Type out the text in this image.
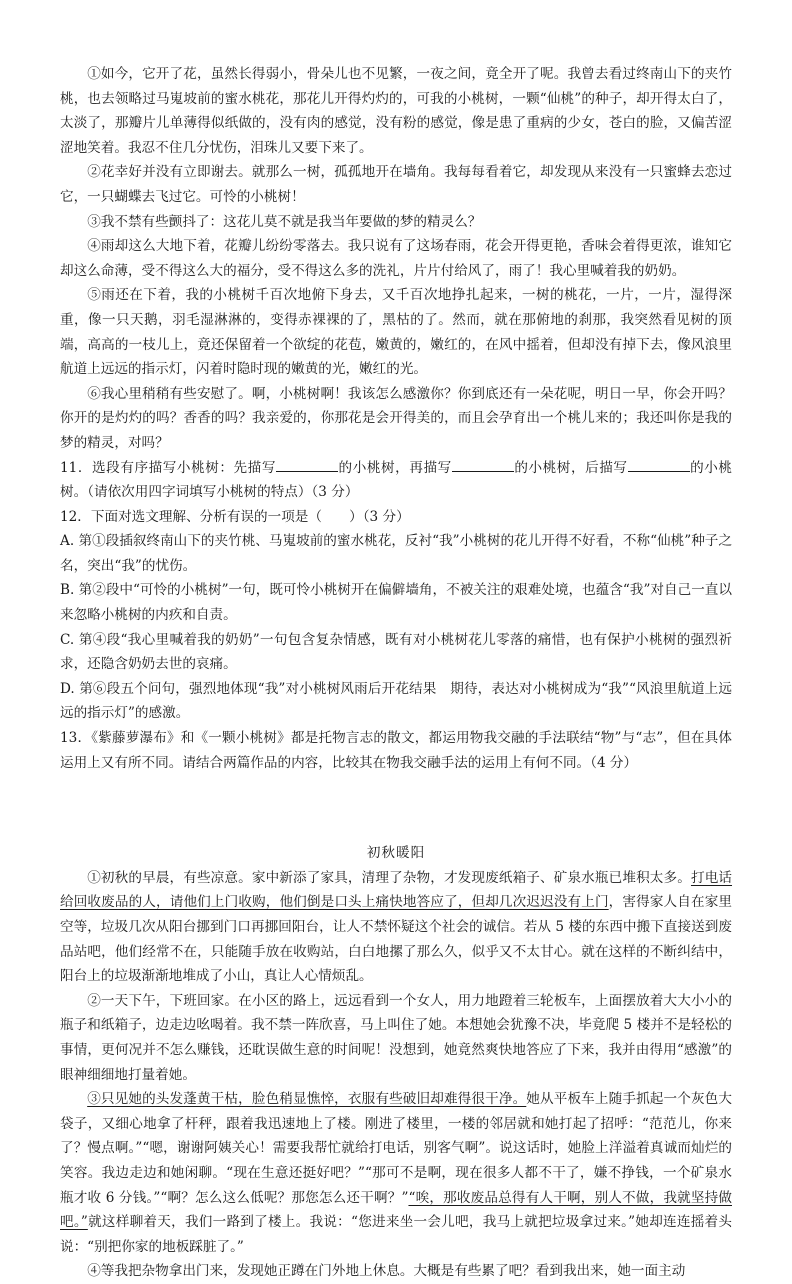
①如今，它开了花，虽然长得弱小，骨朵儿也不见繁，一夜之间，竟全开了呢。我曾去看过终南山下的夹竹桃，也去领略过马嵬坡前的蜜水桃花，那花儿开得灼灼的，可我的小桃树，一颗“仙桃”的种子，却开得太白了，太淡了，那瓣片儿单薄得似纸做的，没有肉的感觉，没有粉的感觉，像是患了重病的少女，苍白的脸，又偏苦涩涩地笑着。我忍不住几分忧伤，泪珠儿又要下来了。

②花幸好并没有立即谢去。就那么一树，孤孤地开在墙角。我每每看着它，却发现从来没有一只蜜蜂去恋过它，一只蝴蝶去飞过它。可怜的小桃树！

③我不禁有些颤抖了：这花儿莫不就是我当年要做的梦的精灵么？

④雨却这么大地下着，花瓣儿纷纷零落去。我只说有了这场春雨，花会开得更艳，香味会着得更浓，谁知它却这么命薄，受不得这么大的福分，受不得这么多的洗礼，片片付给风了，雨了！我心里喊着我的奶奶。

⑤雨还在下着，我的小桃树千百次地俯下身去，又千百次地挣扎起来，一树的桃花，一片，一片，湿得深重，像一只天鹅，羽毛湿淋淋的，变得赤裸裸的了，黑枯的了。然而，就在那俯地的刹那，我突然看见树的顶端，高高的一枝儿上，竟还保留着一个欲绽的花苞，嫩黄的，嫩红的，在风中摇着，但却没有掉下去，像风浪里航道上远远的指示灯，闪着时隐时现的嫩黄的光，嫩红的光。

⑥我心里稍稍有些安慰了。啊，小桃树啊！我该怎么感激你？你到底还有一朵花呢，明日一早，你会开吗？你开的是灼灼的吗？香香的吗？我亲爱的，你那花是会开得美的，而且会孕育出一个桃儿来的；我还叫你是我的梦的精灵，对吗？

11．选段有序描写小桃树：先描写	的小桃树，再描写	的小桃树，后描写	的小桃树。（请依次用四字词填写小桃树的特点）（3 分）

12．下面对选文理解、分析有误的一项是（　　）（3 分）

A. 第①段插叙终南山下的夹竹桃、马嵬坡前的蜜水桃花，反衬“我”小桃树的花儿开得不好看，不称“仙桃”种子之名，突出“我”的忧伤。

B. 第②段中“可怜的小桃树”一句，既可怜小桃树开在偏僻墙角，不被关注的艰难处境，也蕴含“我”对自己一直以来忽略小桃树的内疚和自责。

C. 第④段“我心里喊着我的奶奶”一句包含复杂情感，既有对小桃树花儿零落的痛惜，也有保护小桃树的强烈祈求，还隐含奶奶去世的哀痛。

D. 第⑥段五个问句，强烈地体现“我”对小桃树风雨后开花结果　期待，表达对小桃树成为“我”“风浪里航道上远远的指示灯”的感激。

13．《紫藤萝瀑布》和《一颗小桃树》都是托物言志的散文，都运用物我交融的手法联结“物”与“志”，但在具体运用上又有所不同。请结合两篇作品的内容，比较其在物我交融手法的运用上有何不同。（4 分）

初秋暖阳

①初秋的早晨，有些凉意。家中新添了家具，清理了杂物，才发现废纸箱子、矿泉水瓶已堆积太多。打电话给回收废品的人，请他们上门收购，他们倒是口头上痛快地答应了，但却几次迟迟没有上门，害得家人自在家里空等，垃圾几次从阳台挪到门口再挪回阳台，让人不禁怀疑这个社会的诚信。若从 5 楼的东西中搬下直接送到废品站吧，他们经常不在，只能随手放在收购站，白白地摞了那么久，似乎又不太甘心。就在这样的不断纠结中，阳台上的垃圾渐渐地堆成了小山，真让人心情烦乱。

②一天下午，下班回家。在小区的路上，远远看到一个女人，用力地蹬着三轮板车，上面摆放着大大小小的瓶子和纸箱子，边走边吆喝着。我不禁一阵欣喜，马上叫住了她。本想她会犹豫不决，毕竟爬 5 楼并不是轻松的事情，更何况并不怎么赚钱，还耽误做生意的时间呢！没想到，她竟然爽快地答应了下来，我并由得用“感激”的眼神细细地打量着她。

③只见她的头发蓬黄干枯，脸色稍显憔悴，衣服有些破旧却难得很干净。她从平板车上随手抓起一个灰色大袋子，又细心地拿了杆秤，跟着我迅速地上了楼。刚进了楼里，一楼的邻居就和她打起了招呼：“范范儿，你来了？慢点啊。”“嗯，谢谢阿姨关心！需要我帮忙就给打电话，别客气啊”。说这话时，她脸上洋溢着真诚而灿烂的笑容。我边走边和她闲聊。“现在生意还挺好吧？”“那可不是啊，现在很多人都不干了，嫌不挣钱，一个矿泉水瓶才收 6 分钱。”“啊？怎么这么低呢？那您怎么还干啊？”“唉，那收废品总得有人干啊，别人不做，我就坚持做吧。”就这样聊着天，我们一路到了楼上。我说：“您进来坐一会儿吧，我马上就把垃圾拿过来。”她却连连摇着头说：“别把你家的地板踩脏了。”

④等我把杂物拿出门来，发现她正蹲在门外地上休息。大概是有些累了吧？看到我出来，她一面主动
